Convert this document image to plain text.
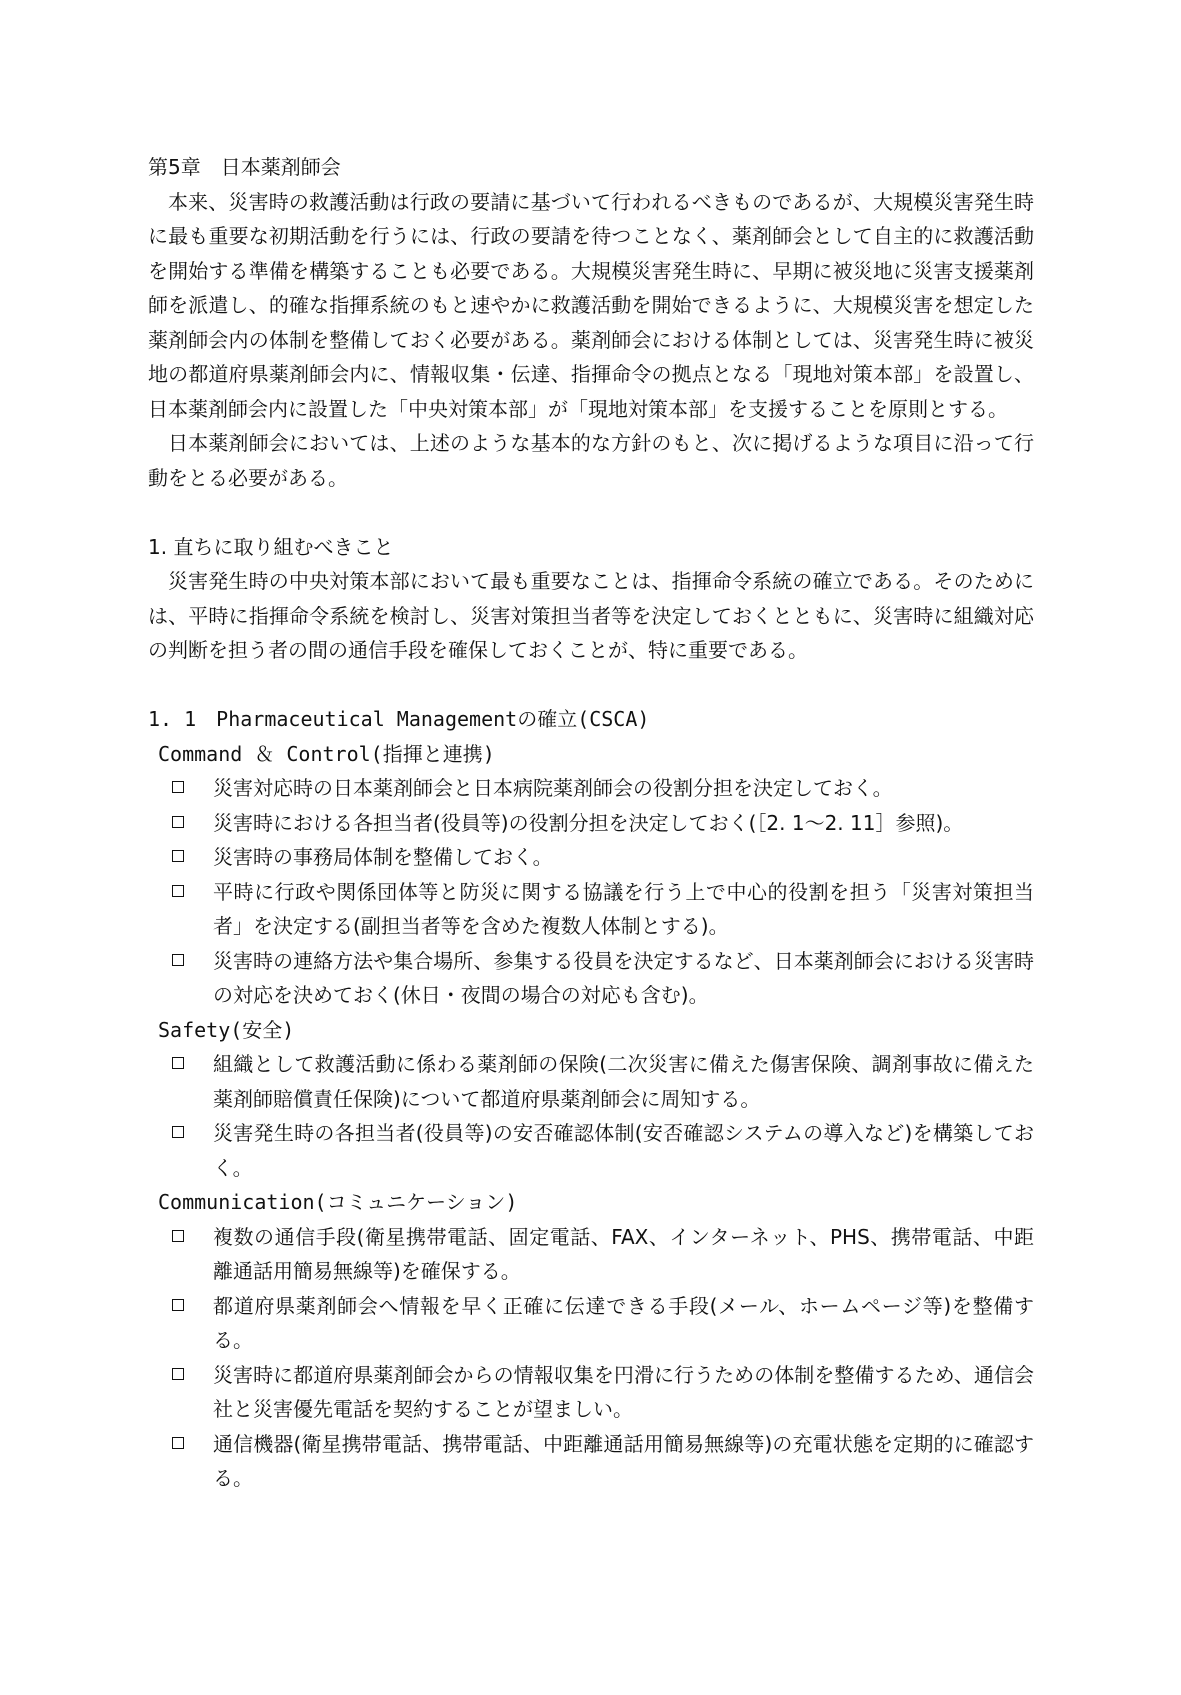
第5章　日本薬剤師会

本来、災害時の救護活動は行政の要請に基づいて行われるべきものであるが、大規模災害発生時に最も重要な初期活動を行うには、行政の要請を待つことなく、薬剤師会として自主的に救護活動を開始する準備を構築することも必要である。大規模災害発生時に、早期に被災地に災害支援薬剤師を派遣し、的確な指揮系統のもと速やかに救護活動を開始できるように、大規模災害を想定した薬剤師会内の体制を整備しておく必要がある。薬剤師会における体制としては、災害発生時に被災地の都道府県薬剤師会内に、情報収集・伝達、指揮命令の拠点となる「現地対策本部」を設置し、日本薬剤師会内に設置した「中央対策本部」が「現地対策本部」を支援することを原則とする。

日本薬剤師会においては、上述のような基本的な方針のもと、次に掲げるような項目に沿って行動をとる必要がある。

1. 直ちに取り組むべきこと

災害発生時の中央対策本部において最も重要なことは、指揮命令系統の確立である。そのためには、平時に指揮命令系統を検討し、災害対策担当者等を決定しておくとともに、災害時に組織対応の判断を担う者の間の通信手段を確保しておくことが、特に重要である。

1. 1　Pharmaceutical Managementの確立(CSCA)

Command ＆ Control(指揮と連携)

災害対応時の日本薬剤師会と日本病院薬剤師会の役割分担を決定しておく。
災害時における各担当者(役員等)の役割分担を決定しておく(［2. 1～2. 11］参照)。
災害時の事務局体制を整備しておく。
平時に行政や関係団体等と防災に関する協議を行う上で中心的役割を担う「災害対策担当者」を決定する(副担当者等を含めた複数人体制とする)。
災害時の連絡方法や集合場所、参集する役員を決定するなど、日本薬剤師会における災害時の対応を決めておく(休日・夜間の場合の対応も含む)。

Safety(安全)

組織として救護活動に係わる薬剤師の保険(二次災害に備えた傷害保険、調剤事故に備えた薬剤師賠償責任保険)について都道府県薬剤師会に周知する。
災害発生時の各担当者(役員等)の安否確認体制(安否確認システムの導入など)を構築しておく。

Communication(コミュニケーション)

複数の通信手段(衛星携帯電話、固定電話、FAX、インターネット、PHS、携帯電話、中距離通話用簡易無線等)を確保する。
都道府県薬剤師会へ情報を早く正確に伝達できる手段(メール、ホームページ等)を整備する。
災害時に都道府県薬剤師会からの情報収集を円滑に行うための体制を整備するため、通信会社と災害優先電話を契約することが望ましい。
通信機器(衛星携帯電話、携帯電話、中距離通話用簡易無線等)の充電状態を定期的に確認する。
